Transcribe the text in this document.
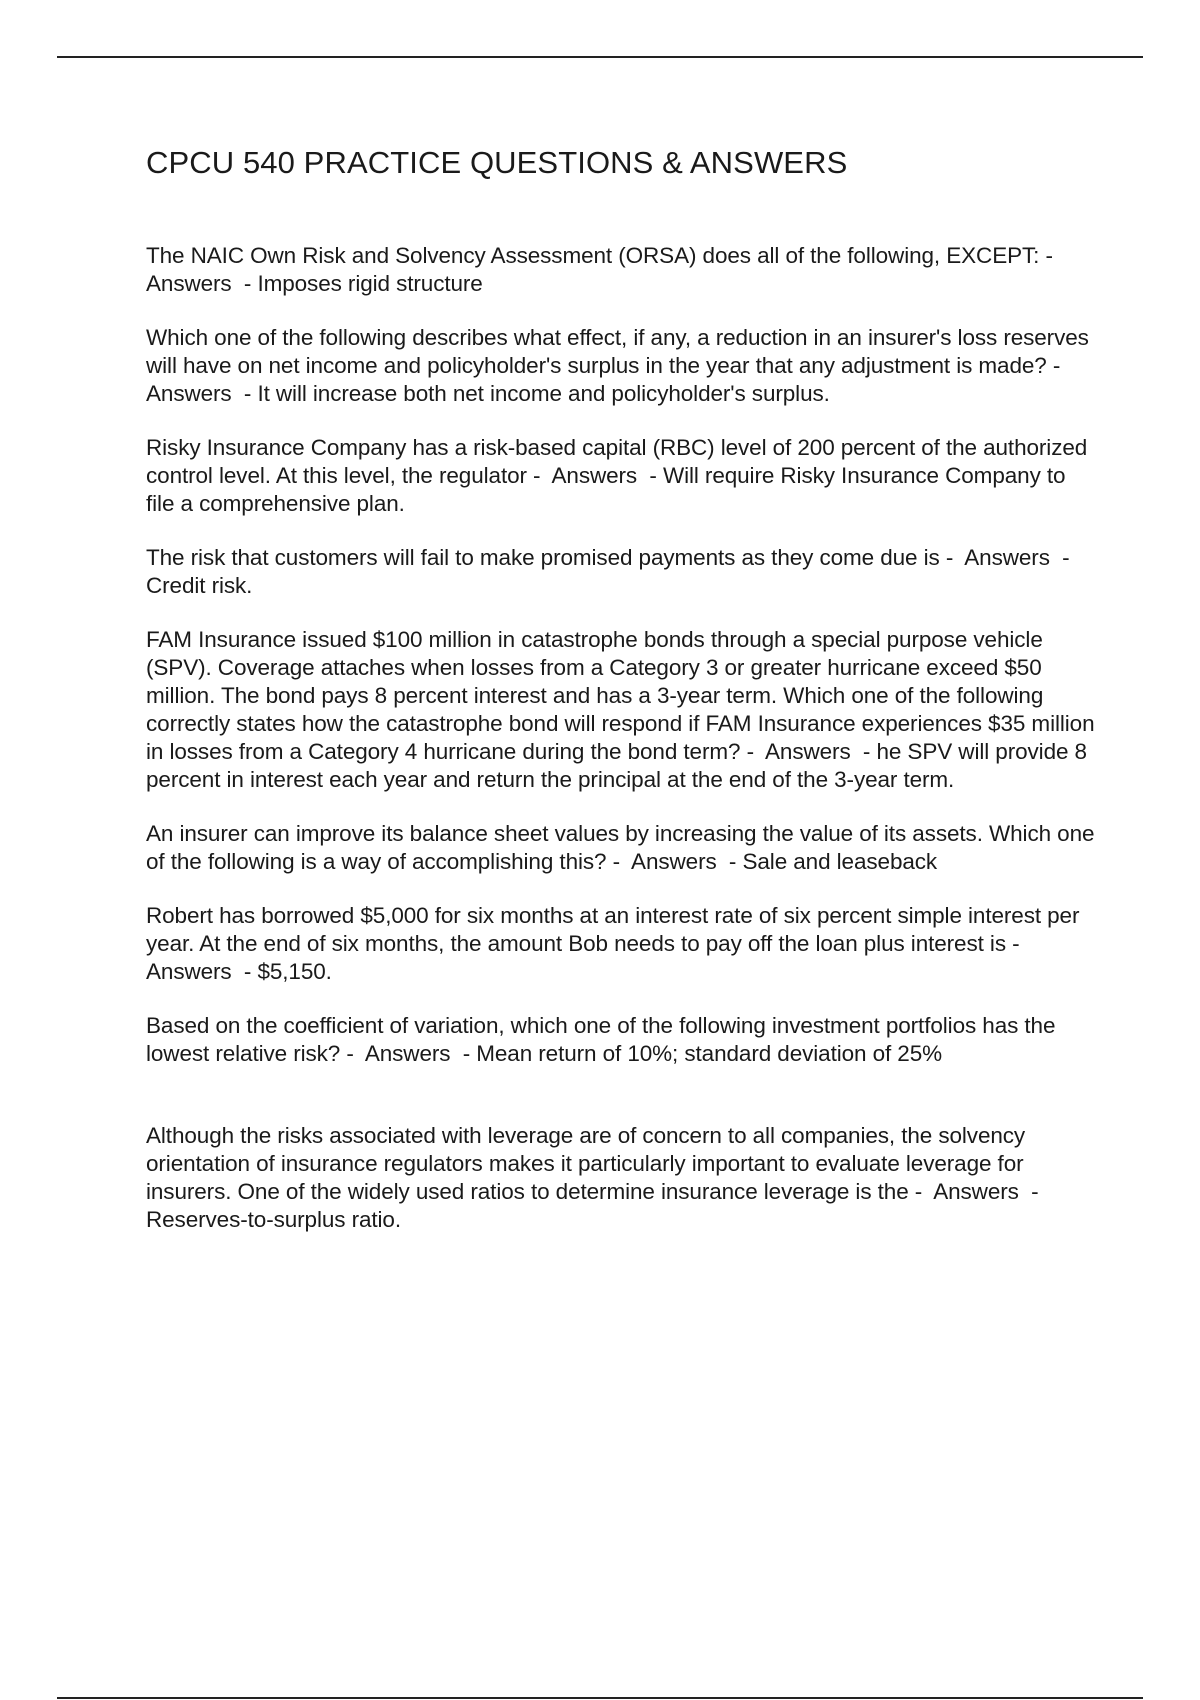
CPCU 540 PRACTICE QUESTIONS & ANSWERS

The NAIC Own Risk and Solvency Assessment (ORSA) does all of the following, EXCEPT: -  Answers  - Imposes rigid structure

Which one of the following describes what effect, if any, a reduction in an insurer's loss reserves will have on net income and policyholder's surplus in the year that any adjustment is made? -  Answers  - It will increase both net income and policyholder's surplus.

Risky Insurance Company has a risk-based capital (RBC) level of 200 percent of the authorized control level. At this level, the regulator -  Answers  - Will require Risky Insurance Company to file a comprehensive plan.

The risk that customers will fail to make promised payments as they come due is -  Answers  - Credit risk.

FAM Insurance issued $100 million in catastrophe bonds through a special purpose vehicle (SPV). Coverage attaches when losses from a Category 3 or greater hurricane exceed $50 million. The bond pays 8 percent interest and has a 3-year term. Which one of the following correctly states how the catastrophe bond will respond if FAM Insurance experiences $35 million in losses from a Category 4 hurricane during the bond term? -  Answers  - he SPV will provide 8 percent in interest each year and return the principal at the end of the 3-year term.

An insurer can improve its balance sheet values by increasing the value of its assets. Which one of the following is a way of accomplishing this? -  Answers  - Sale and leaseback

Robert has borrowed $5,000 for six months at an interest rate of six percent simple interest per year. At the end of six months, the amount Bob needs to pay off the loan plus interest is -  Answers  - $5,150.

Based on the coefficient of variation, which one of the following investment portfolios has the lowest relative risk? -  Answers  - Mean return of 10%; standard deviation of 25%

Although the risks associated with leverage are of concern to all companies, the solvency orientation of insurance regulators makes it particularly important to evaluate leverage for insurers. One of the widely used ratios to determine insurance leverage is the -  Answers  - Reserves-to-surplus ratio.
